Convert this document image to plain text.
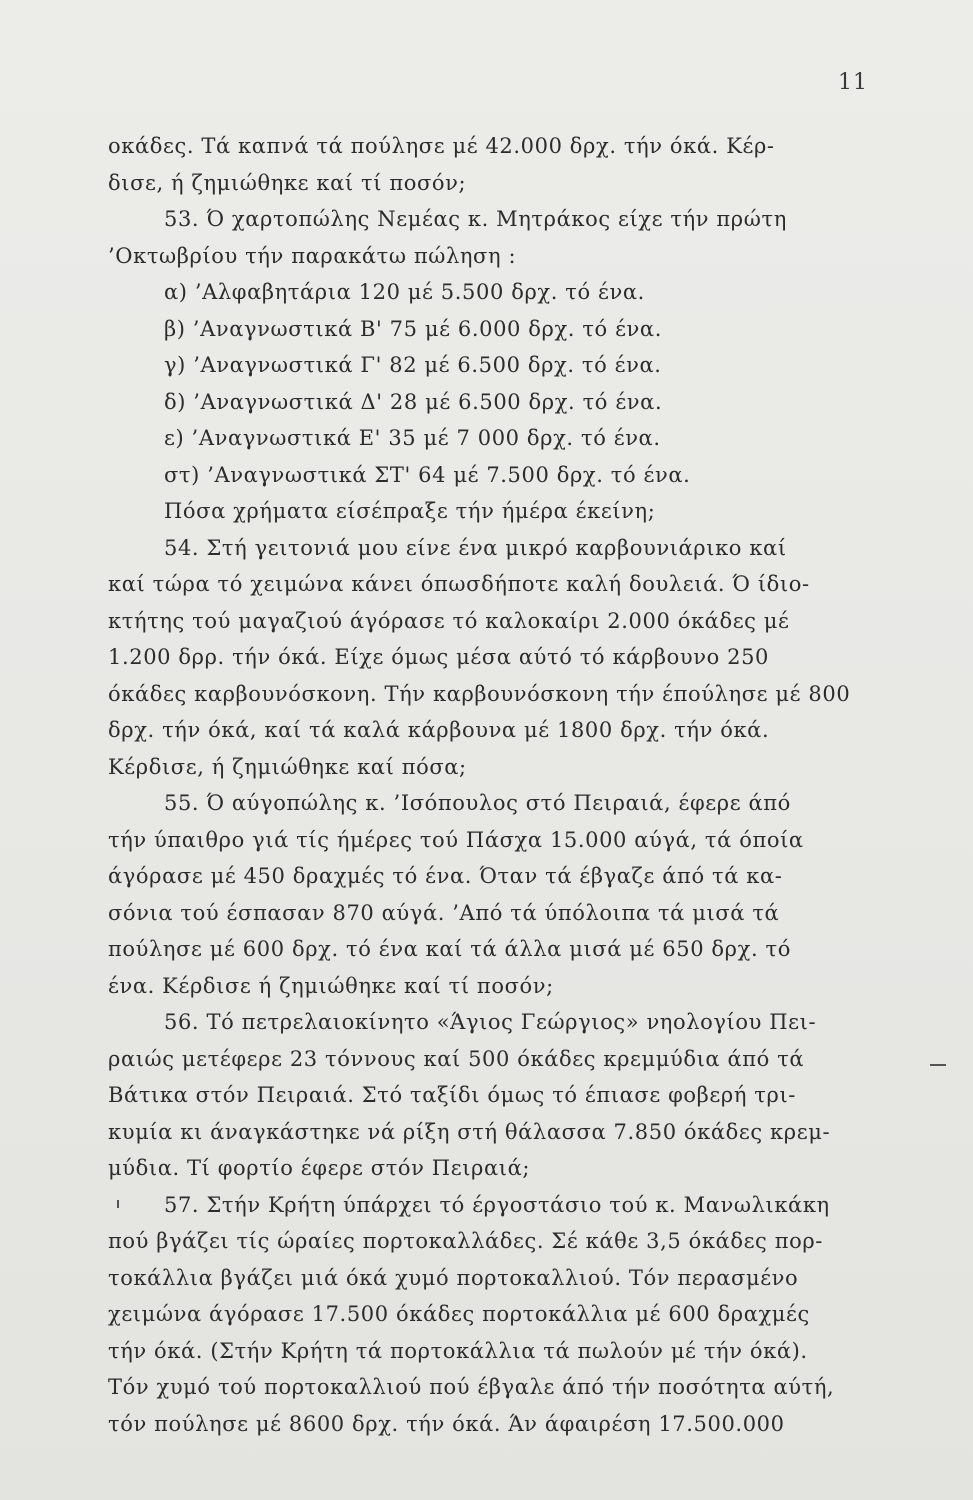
11
οκάδες. Τά καπνά τά πούλησε μέ 42.000 δρχ. τήν όκά. Κέρ-
δισε, ή ζημιώθηκε καί τί ποσόν;
53. Ό χαρτοπώλης Νεμέας κ. Μητράκος είχε τήν πρώτη
’Οκτωβρίου τήν παρακάτω πώληση :
α) ’Αλφαβητάρια 120 μέ 5.500 δρχ. τό ένα.
β) ’Αναγνωστικά Β' 75 μέ 6.000 δρχ. τό ένα.
γ) ’Αναγνωστικά Γ' 82 μέ 6.500 δρχ. τό ένα.
δ) ’Αναγνωστικά Δ' 28 μέ 6.500 δρχ. τό ένα.
ε) ’Αναγνωστικά Ε' 35 μέ 7 000 δρχ. τό ένα.
στ) ’Αναγνωστικά ΣΤ' 64 μέ 7.500 δρχ. τό ένα.
Πόσα χρήματα είσέπραξε τήν ήμέρα έκείνη;
54. Στή γειτονιά μου είνε ένα μικρό καρβουνιάρικο καί
καί τώρα τό χειμώνα κάνει όπωσδήποτε καλή δουλειά. Ό ίδιο-
κτήτης τού μαγαζιού άγόρασε τό καλοκαίρι 2.000 όκάδες μέ
1.200 δρρ. τήν όκά. Είχε όμως μέσα αύτό τό κάρβουνο 250
όκάδες καρβουνόσκονη. Τήν καρβουνόσκονη τήν έπούλησε μέ 800
δρχ. τήν όκά, καί τά καλά κάρβουνα μέ 1800 δρχ. τήν όκά.
Κέρδισε, ή ζημιώθηκε καί πόσα;
55. Ό αύγοπώλης κ. ’Ισόπουλος στό Πειραιά, έφερε άπό
τήν ύπαιθρο γιά τίς ήμέρες τού Πάσχα 15.000 αύγά, τά όποία
άγόρασε μέ 450 δραχμές τό ένα. Όταν τά έβγαζε άπό τά κα-
σόνια τού έσπασαν 870 αύγά. ’Από τά ύπόλοιπα τά μισά τά
πούλησε μέ 600 δρχ. τό ένα καί τά άλλα μισά μέ 650 δρχ. τό
ένα. Κέρδισε ή ζημιώθηκε καί τί ποσόν;
56. Τό πετρελαιοκίνητο «Άγιος Γεώργιος» νηολογίου Πει-
ραιώς μετέφερε 23 τόννους καί 500 όκάδες κρεμμύδια άπό τά
Βάτικα στόν Πειραιά. Στό ταξίδι όμως τό έπιασε φοβερή τρι-
κυμία κι άναγκάστηκε νά ρίξη στή θάλασσα 7.850 όκάδες κρεμ-
μύδια. Τί φορτίο έφερε στόν Πειραιά;
57. Στήν Κρήτη ύπάρχει τό έργοστάσιο τού κ. Μανωλικάκη
πού βγάζει τίς ώραίες πορτοκαλλάδες. Σέ κάθε 3,5 όκάδες πορ-
τοκάλλια βγάζει μιά όκά χυμό πορτοκαλλιού. Τόν περασμένο
χειμώνα άγόρασε 17.500 όκάδες πορτοκάλλια μέ 600 δραχμές
τήν όκά. (Στήν Κρήτη τά πορτοκάλλια τά πωλούν μέ τήν όκά).
Τόν χυμό τού πορτοκαλλιού πού έβγαλε άπό τήν ποσότητα αύτή,
τόν πούλησε μέ 8600 δρχ. τήν όκά. Άν άφαιρέση 17.500.000
